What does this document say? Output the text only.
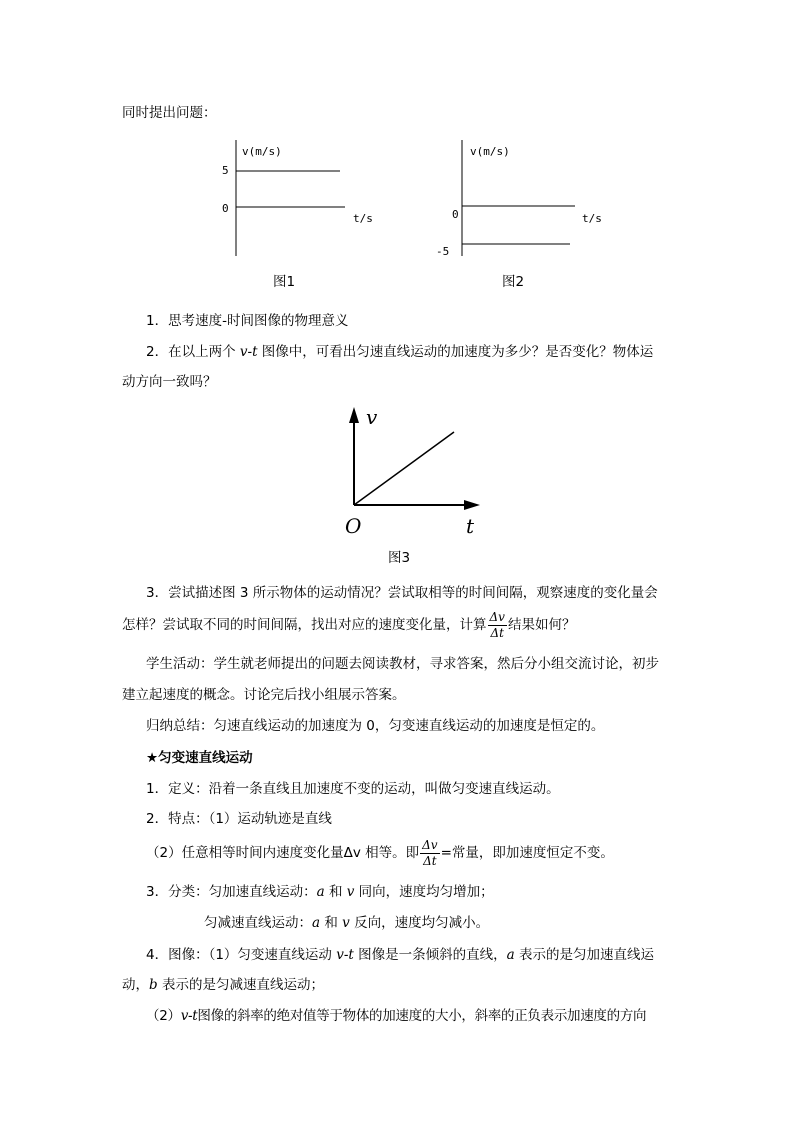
同时提出问题：
v(m/s)
5
0
t/s
图1
v(m/s)
0
-5
t/s
图2
1．思考速度-时间图像的物理意义
2．在以上两个 v-t 图像中，可看出匀速直线运动的加速度为多少？是否变化？物体运
动方向一致吗？
v
O	t
图3
3．尝试描述图 3 所示物体的运动情况？尝试取相等的时间间隔，观察速度的变化量会
怎样？尝试取不同的时间间隔，找出对应的速度变化量，计算 $\frac{\Delta v}{\Delta t}$ 结果如何？
学生活动：学生就老师提出的问题去阅读教材，寻求答案，然后分小组交流讨论，初步
建立起速度的概念。讨论完后找小组展示答案。
归纳总结：匀速直线运动的加速度为 0，匀变速直线运动的加速度是恒定的。
★匀变速直线运动
1．定义：沿着一条直线且加速度不变的运动，叫做匀变速直线运动。
2．特点：（1）运动轨迹是直线
（2）任意相等时间内速度变化量Δv 相等。即 $\frac{\Delta v}{\Delta t}$ =常量，即加速度恒定不变。
3．分类：匀加速直线运动：a 和 v 同向，速度均匀增加；
匀减速直线运动：a 和 v 反向，速度均匀减小。
4．图像：（1）匀变速直线运动 v-t 图像是一条倾斜的直线，a 表示的是匀加速直线运
动，b 表示的是匀减速直线运动；
（2）v-t图像的斜率的绝对值等于物体的加速度的大小，斜率的正负表示加速度的方向
